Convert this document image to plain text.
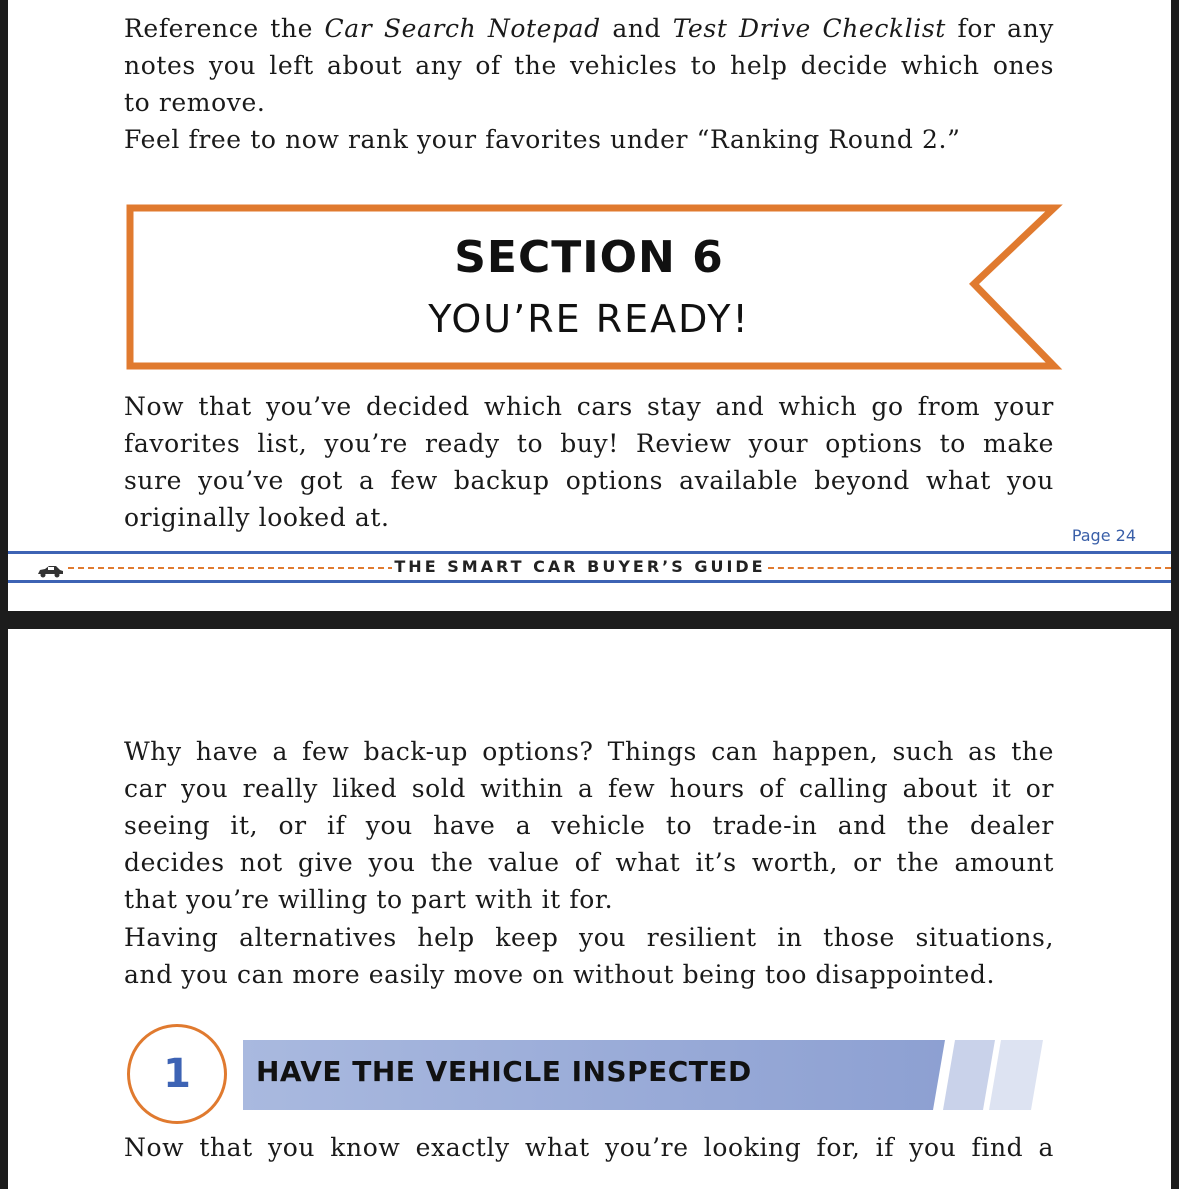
Reference the Car Search Notepad and Test Drive Checklist for any
notes you left about any of the vehicles to help decide which ones
to remove.
Feel free to now rank your favorites under “Ranking Round 2.”
SECTION 6
YOU’RE READY!
Now that you’ve decided which cars stay and which go from your
favorites list, you’re ready to buy! Review your options to make
sure you’ve got a few backup options available beyond what you
originally looked at.
Page 24
THE SMART CAR BUYER’S GUIDE
Why have a few back-up options? Things can happen, such as the
car you really liked sold within a few hours of calling about it or
seeing it, or if you have a vehicle to trade-in and the dealer
decides not give you the value of what it’s worth, or the amount
that you’re willing to part with it for.
Having alternatives help keep you resilient in those situations,
and you can more easily move on without being too disappointed.
1 HAVE THE VEHICLE INSPECTED
Now that you know exactly what you’re looking for, if you find a
